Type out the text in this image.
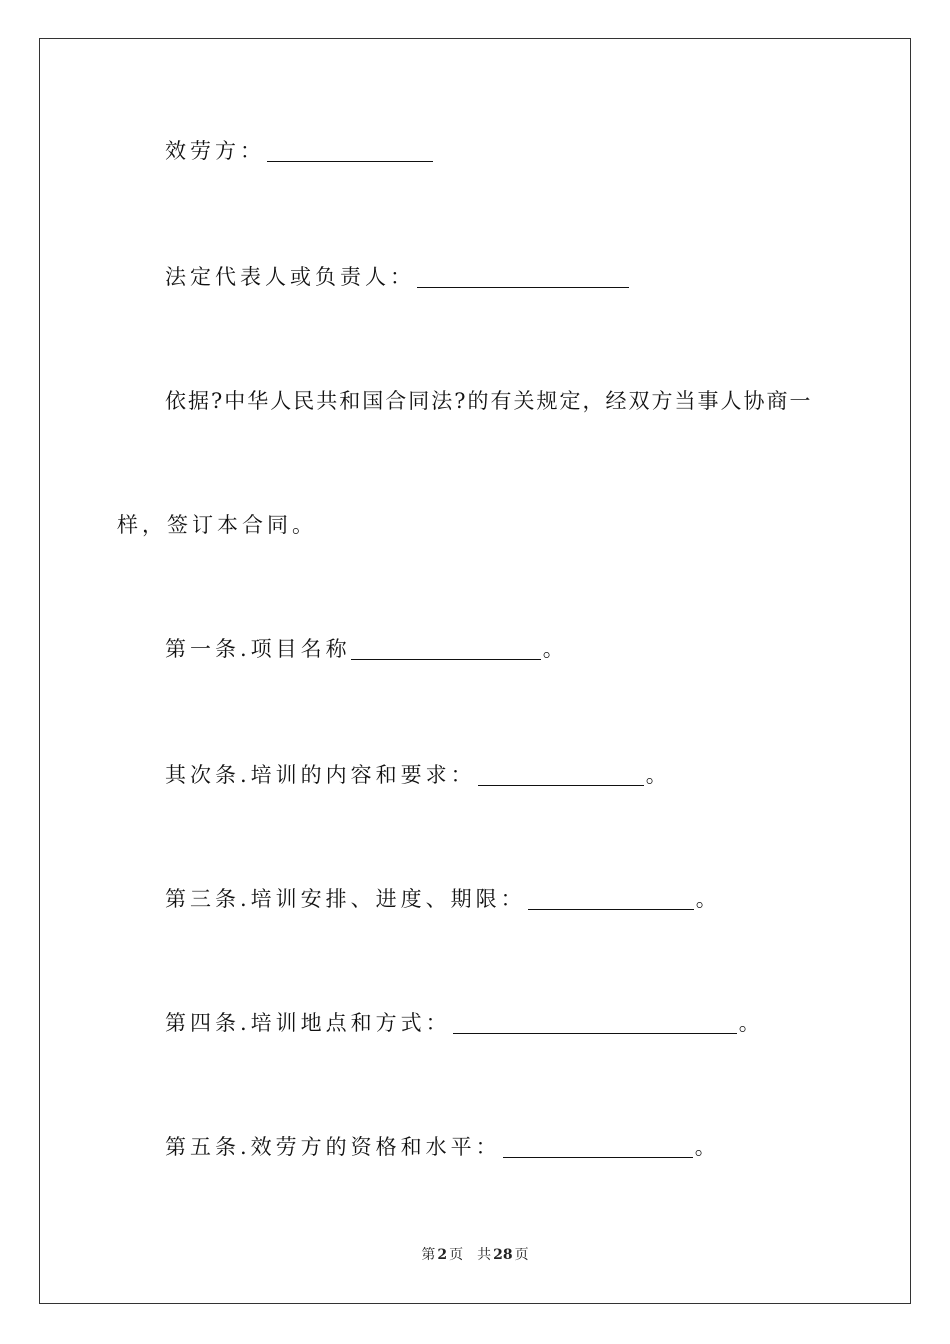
效劳方：
法定代表人或负责人：
依据?中华人民共和国合同法?的有关规定，经双方当事人协商一
样，签订本合同。
第一条.项目名称	。
其次条.培训的内容和要求：	。
第三条.培训安排、进度、期限：	。
第四条.培训地点和方式：	。
第五条.效劳方的资格和水平：	。
第 2 页 共 28 页
